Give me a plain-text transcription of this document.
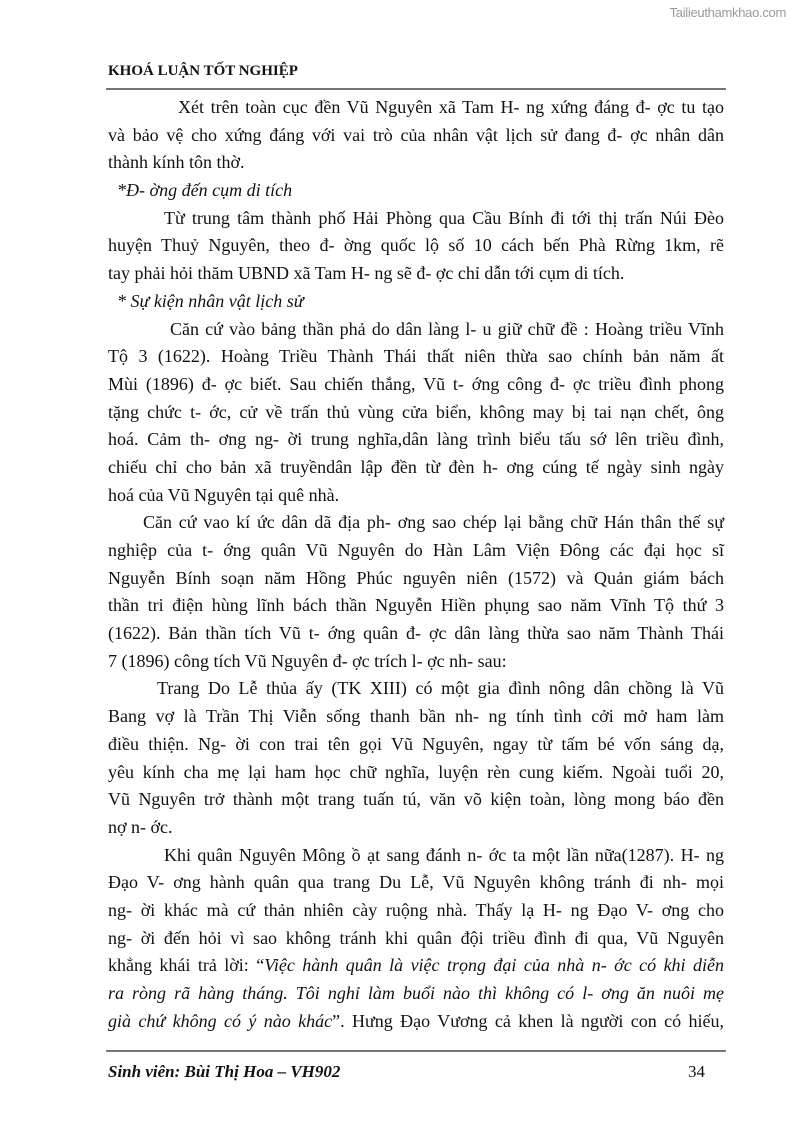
Tailieuthamkhao.com
KHOÁ LUẬN TỐT NGHIỆP
Xét trên toàn cục đền Vũ Nguyên xã Tam H- ng xứng đáng đ- ợc tu tạo
và bảo vệ cho xứng đáng với vai trò của nhân vật lịch sử đang đ- ợc nhân dân
thành kính tôn thờ.
*Đ- ờng đến cụm di tích
Từ trung tâm thành phố Hải Phòng qua Cầu Bính đi tới thị trấn Núi Đèo
huyện Thuỷ Nguyên, theo đ- ờng quốc lộ số 10 cách bến Phà Rừng 1km, rẽ
tay phải hỏi thăm UBND xã Tam H- ng sẽ đ- ợc chỉ dẫn tới cụm di tích.
* Sự kiện nhân vật lịch sử
Căn cứ vào bảng thần phả do dân làng l- u giữ chữ đề : Hoàng triều Vĩnh
Tộ 3 (1622). Hoàng Triều Thành Thái thất niên thừa sao chính bản năm ất
Mùi (1896) đ- ợc biết. Sau chiến thắng, Vũ t- ớng công đ- ợc triều đình phong
tặng chức t- ớc, cử về trấn thủ vùng cửa biển, không may bị tai nạn chết, ông
hoá. Cảm th- ơng ng- ời trung nghĩa,dân làng trình biểu tấu sớ lên triều đình,
chiếu chỉ cho bản xã truyềndân lập đền từ đèn h- ơng cúng tế ngày sinh ngày
hoá của Vũ Nguyên tại quê nhà.
Căn cứ vao kí ức dân dã địa ph- ơng sao chép lại bằng chữ Hán thân thế sự
nghiệp của t- ớng quân Vũ Nguyên do Hàn Lâm Viện Đông các đại học sĩ
Nguyễn Bính soạn năm Hồng Phúc nguyên niên (1572) và Quản giám bách
thần tri điện hùng lĩnh bách thần Nguyễn Hiền phụng sao năm Vĩnh Tộ thứ 3
(1622). Bản thần tích Vũ t- ớng quân đ- ợc dân làng thừa sao năm Thành Thái
7 (1896) công tích Vũ Nguyên đ- ợc trích l- ợc nh- sau:
Trang Do Lễ thủa ấy (TK XIII) có một gia đình nông dân chồng là Vũ
Bang vợ là Trần Thị Viễn sống thanh bần nh- ng tính tình cởi mở ham làm
điều thiện. Ng- ời con trai tên gọi Vũ Nguyên, ngay từ tấm bé vốn sáng dạ,
yêu kính cha mẹ lại ham học chữ nghĩa, luyện rèn cung kiếm. Ngoài tuổi 20,
Vũ Nguyên trở thành một trang tuấn tú, văn võ kiện toàn, lòng mong báo đền
nợ n- ớc.
Khi quân Nguyên Mông ồ ạt sang đánh n- ớc ta một lần nữa(1287). H- ng
Đạo V- ơng hành quân qua trang Du Lễ, Vũ Nguyên không tránh đi nh- mọi
ng- ời khác mà cứ thản nhiên cày ruộng nhà. Thấy lạ H- ng Đạo V- ơng cho
ng- ời đến hỏi vì sao không tránh khi quân đội triều đình đi qua, Vũ Nguyên
khẳng khái trả lời: “Việc hành quân là việc trọng đại của nhà n- ớc có khi diễn
ra ròng rã hàng tháng. Tôi nghỉ làm buổi nào thì không có l- ơng ăn nuôi mẹ
già chứ không có ý nào khác”. Hưng Đạo Vương cả khen là người con có hiếu,
Sinh viên: Bùi Thị Hoa – VH902	34
